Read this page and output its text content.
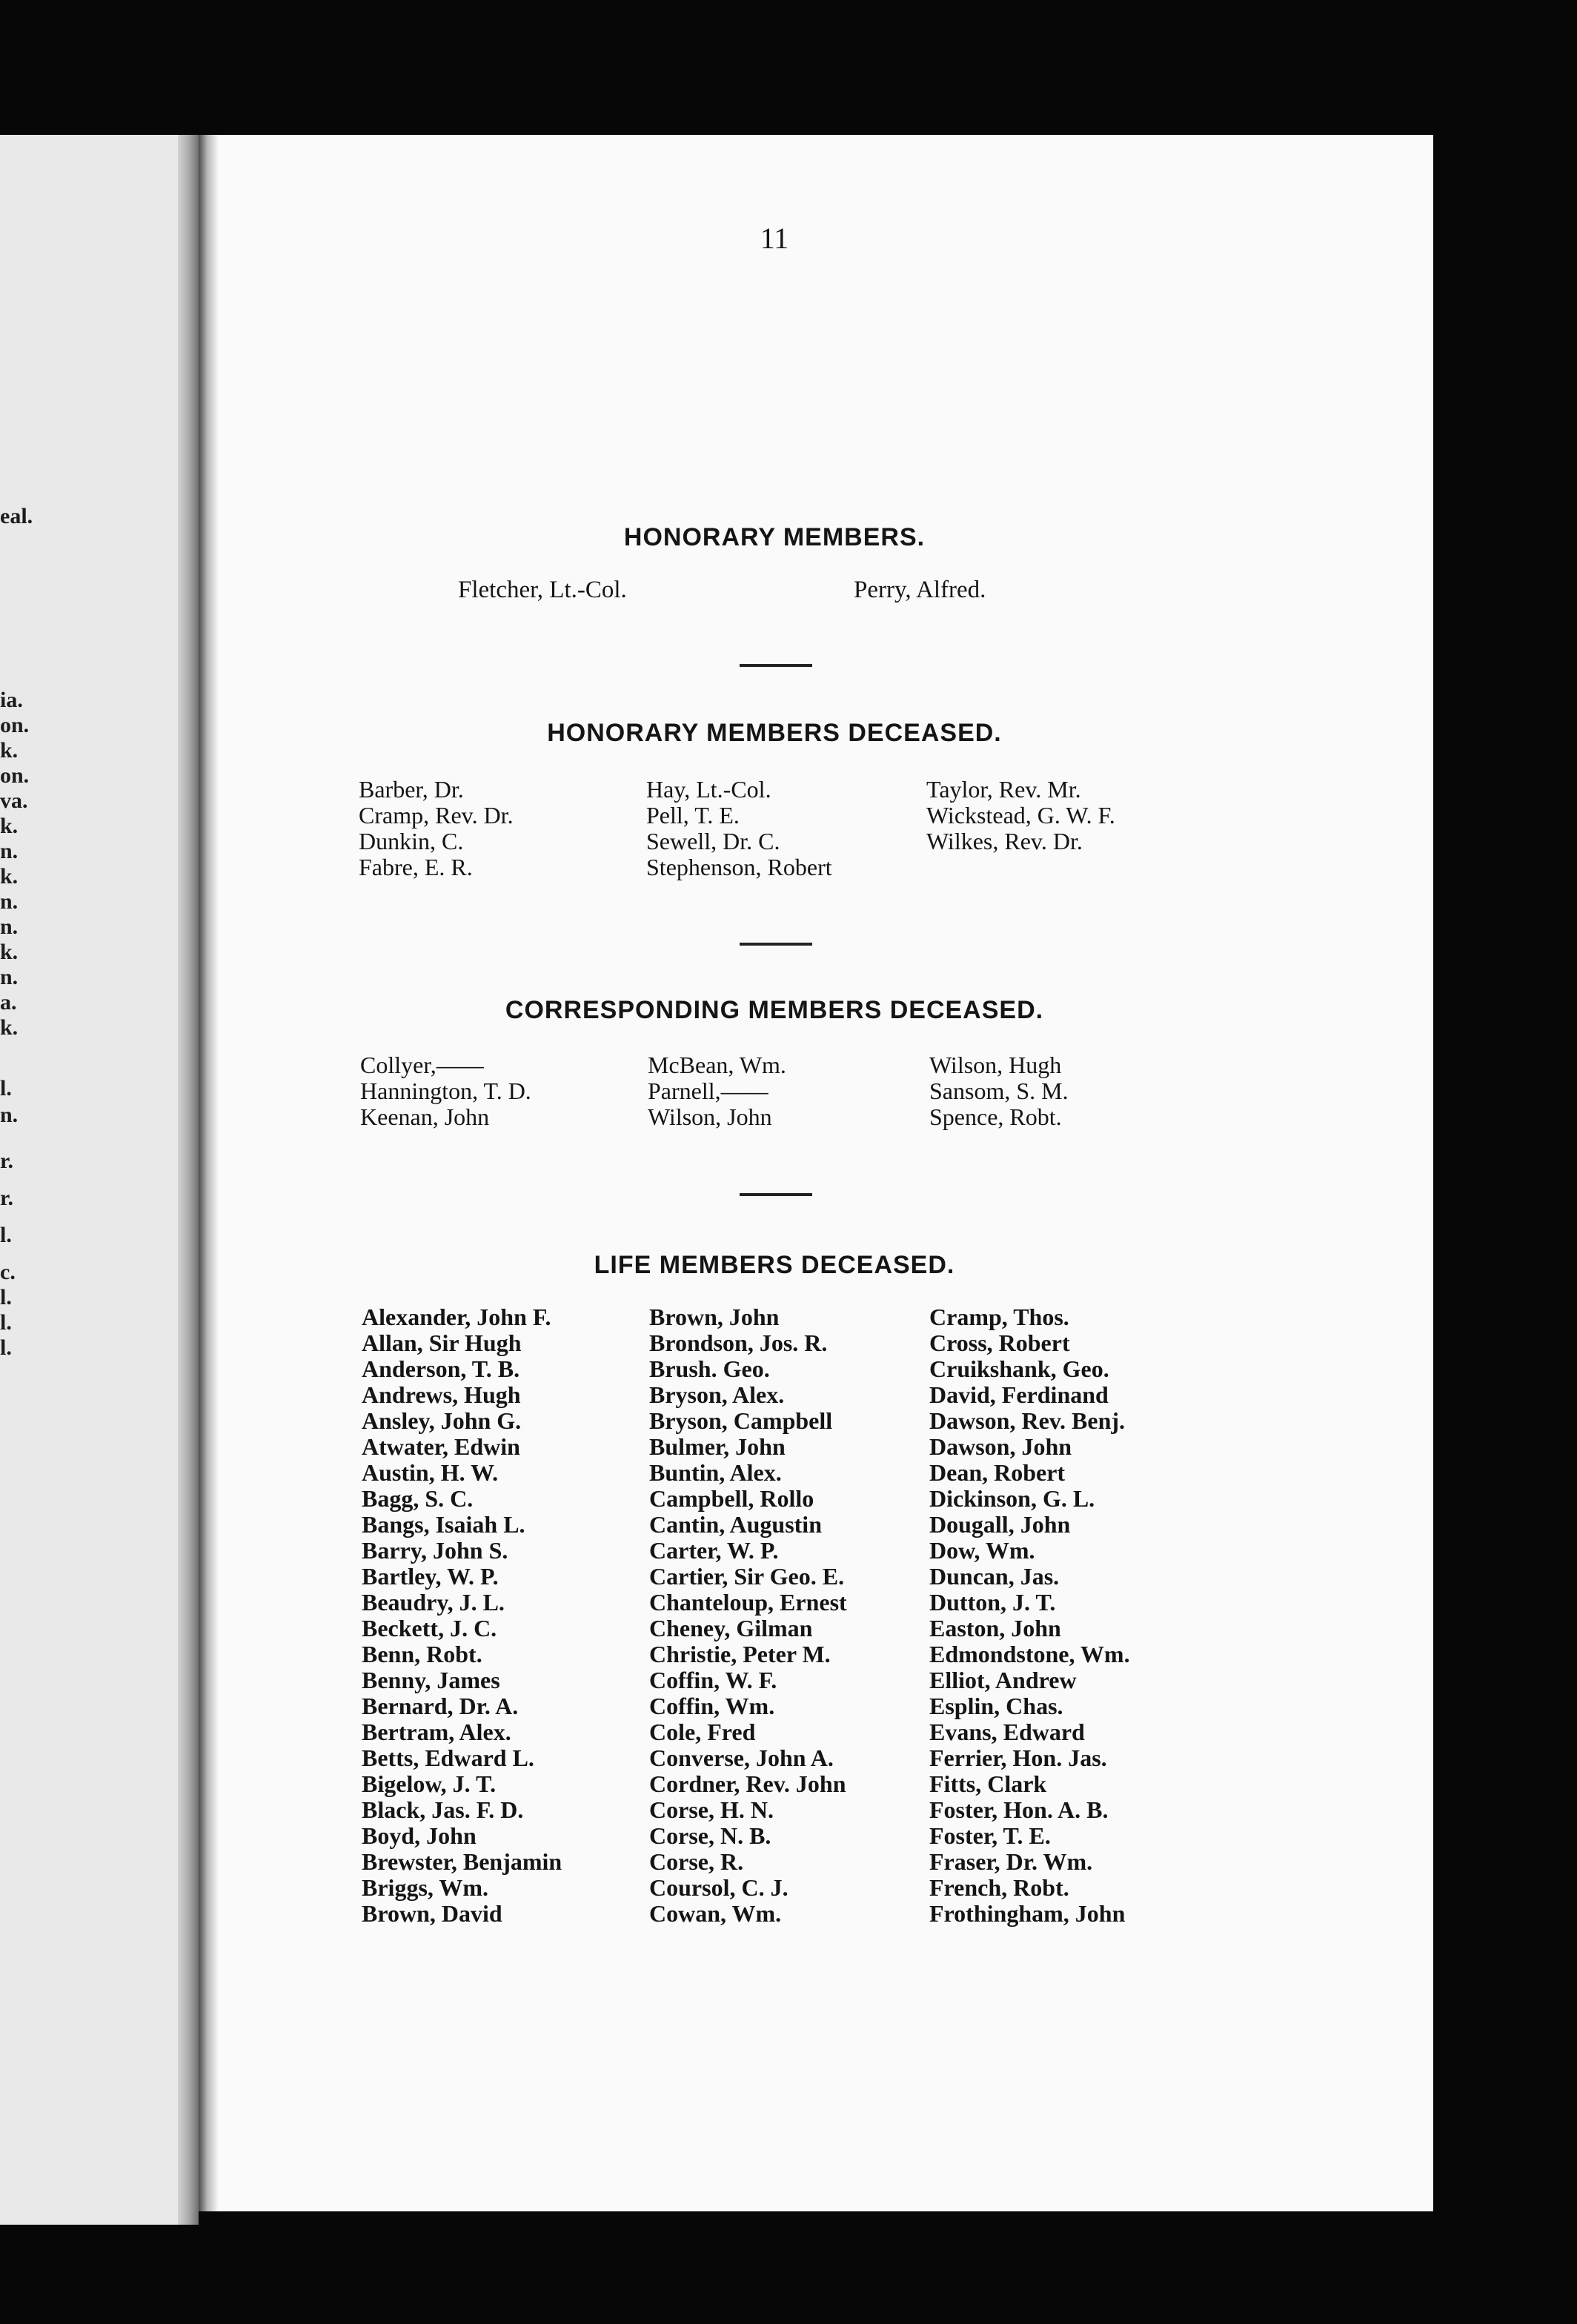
eal.
ia.
on.
k.
on.
va.
k.
n.
k.
n.
n.
k.
n.
a.
k.
l.
n.
r.
r.
l.
c.
l.
l.
l.
11
HONORARY MEMBERS.

Fletcher, Lt.-Col.	Perry, Alfred.

HONORARY MEMBERS DECEASED.
Barber, Dr.
Cramp, Rev. Dr.
Dunkin, C.
Fabre, E. R.
Hay, Lt.-Col.
Pell, T. E.
Sewell, Dr. C.
Stephenson, Robert
Taylor, Rev. Mr.
Wickstead, G. W. F.
Wilkes, Rev. Dr.
CORRESPONDING MEMBERS DECEASED.
Collyer,——
Hannington, T. D.
Keenan, John
McBean, Wm.
Parnell,——
Wilson, John
Wilson, Hugh
Sansom, S. M.
Spence, Robt.
LIFE MEMBERS DECEASED.
Alexander, John F.
Allan, Sir Hugh
Anderson, T. B.
Andrews, Hugh
Ansley, John G.
Atwater, Edwin
Austin, H. W.
Bagg, S. C.
Bangs, Isaiah L.
Barry, John S.
Bartley, W. P.
Beaudry, J. L.
Beckett, J. C.
Benn, Robt.
Benny, James
Bernard, Dr. A.
Bertram, Alex.
Betts, Edward L.
Bigelow, J. T.
Black, Jas. F. D.
Boyd, John
Brewster, Benjamin
Briggs, Wm.
Brown, David
Brown, John
Brondson, Jos. R.
Brush. Geo.
Bryson, Alex.
Bryson, Campbell
Bulmer, John
Buntin, Alex.
Campbell, Rollo
Cantin, Augustin
Carter, W. P.
Cartier, Sir Geo. E.
Chanteloup, Ernest
Cheney, Gilman
Christie, Peter M.
Coffin, W. F.
Coffin, Wm.
Cole, Fred
Converse, John A.
Cordner, Rev. John
Corse, H. N.
Corse, N. B.
Corse, R.
Coursol, C. J.
Cowan, Wm.
Cramp, Thos.
Cross, Robert
Cruikshank, Geo.
David, Ferdinand
Dawson, Rev. Benj.
Dawson, John
Dean, Robert
Dickinson, G. L.
Dougall, John
Dow, Wm.
Duncan, Jas.
Dutton, J. T.
Easton, John
Edmondstone, Wm.
Elliot, Andrew
Esplin, Chas.
Evans, Edward
Ferrier, Hon. Jas.
Fitts, Clark
Foster, Hon. A. B.
Foster, T. E.
Fraser, Dr. Wm.
French, Robt.
Frothingham, John
